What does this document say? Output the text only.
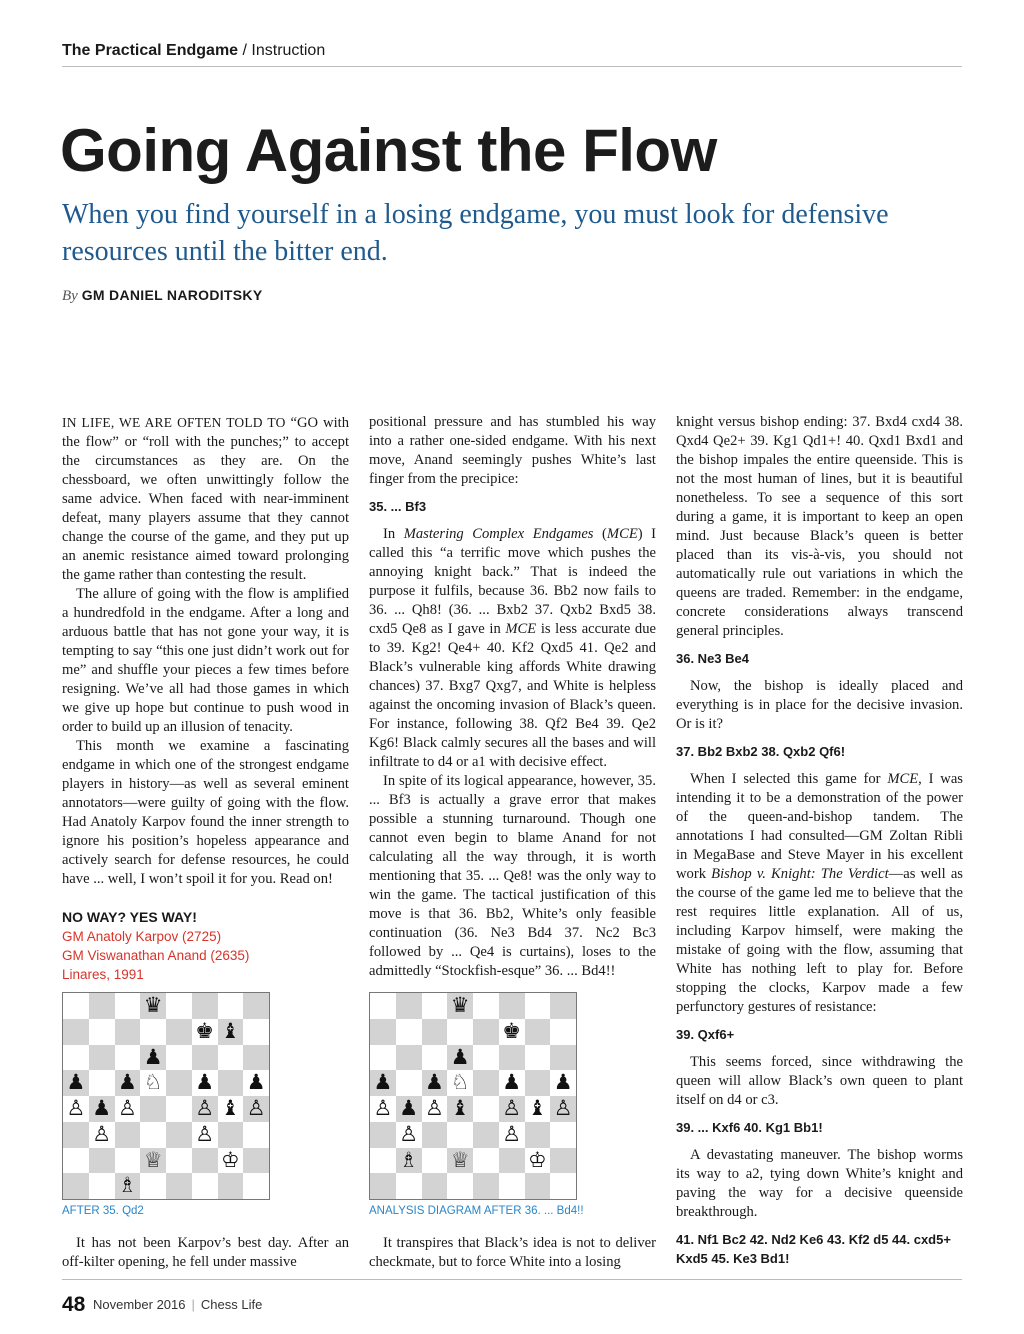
The Practical Endgame / Instruction
Going Against the Flow

When you find yourself in a losing endgame, you must look for defensive resources until the bitter end.

By GM DANIEL NARODITSKY

IN LIFE, WE ARE OFTEN TOLD TO “GO with the flow” or “roll with the punches;” to accept the circumstances as they are. On the chessboard, we often unwittingly follow the same advice. When faced with near-imminent defeat, many players assume that they cannot change the course of the game, and they put up an anemic resistance aimed toward prolonging the game rather than contesting the result.

The allure of going with the flow is amplified a hundredfold in the endgame. After a long and arduous battle that has not gone your way, it is tempting to say “this one just didn’t work out for me” and shuffle your pieces a few times before resigning. We’ve all had those games in which we give up hope but continue to push wood in order to build up an illusion of tenacity.

This month we examine a fascinating endgame in which one of the strongest endgame players in history—as well as several eminent annotators—were guilty of going with the flow. Had Anatoly Karpov found the inner strength to ignore his position’s hopeless appearance and actively search for defense resources, he could have ... well, I won’t spoil it for you. Read on!

NO WAY? YES WAY!
GM Anatoly Karpov (2725)
GM Viswanathan Anand (2635)
Linares, 1991
♛
♚ ♝
♟
♟ ♟ ♘ ♟ ♟
♙ ♟ ♙	♙ ♝ ♙
♙	♙
♕	♔
♗
AFTER 35. Qd2

It has not been Karpov’s best day. After an off-kilter opening, he fell under massive

positional pressure and has stumbled his way into a rather one-sided endgame. With his next move, Anand seemingly pushes White’s last finger from the precipice:

35. ... Bf3

In Mastering Complex Endgames (MCE) I called this “a terrific move which pushes the annoying knight back.” That is indeed the purpose it fulfils, because 36. Bb2 now fails to 36. ... Qh8! (36. ... Bxb2 37. Qxb2 Bxd5 38. cxd5 Qe8 as I gave in MCE is less accurate due to 39. Kg2! Qe4+ 40. Kf2 Qxd5 41. Qe2 and Black’s vulnerable king affords White drawing chances) 37. Bxg7 Qxg7, and White is helpless against the oncoming invasion of Black’s queen. For instance, following 38. Qf2 Be4 39. Qe2 Kg6! Black calmly secures all the bases and will infiltrate to d4 or a1 with decisive effect.

In spite of its logical appearance, however, 35. ... Bf3 is actually a grave error that makes possible a stunning turnaround. Though one cannot even begin to blame Anand for not calculating all the way through, it is worth mentioning that 35. ... Qe8! was the only way to win the game. The tactical justification of this move is that 36. Bb2, White’s only feasible continuation (36. Ne3 Bd4 37. Nc2 Bc3 followed by ... Qe4 is curtains), loses to the admittedly “Stockfish-esque” 36. ... Bd4!!

♛
♚
♟
♟ ♟ ♘ ♟ ♟
♙ ♟ ♙ ♝ ♙ ♝ ♙
♙	♙
♗ ♕	♔
ANALYSIS DIAGRAM AFTER 36. ... Bd4!!

It transpires that Black’s idea is not to deliver checkmate, but to force White into a losing

knight versus bishop ending: 37. Bxd4 cxd4 38. Qxd4 Qe2+ 39. Kg1 Qd1+! 40. Qxd1 Bxd1 and the bishop impales the entire queenside. This is not the most human of lines, but it is beautiful nonetheless. To see a sequence of this sort during a game, it is important to keep an open mind. Just because Black’s queen is better placed than its vis-à-vis, you should not automatically rule out variations in which the queens are traded. Remember: in the endgame, concrete considerations always transcend general principles.

36. Ne3 Be4

Now, the bishop is ideally placed and everything is in place for the decisive invasion. Or is it?

37. Bb2 Bxb2 38. Qxb2 Qf6!

When I selected this game for MCE, I was intending it to be a demonstration of the power of the queen-and-bishop tandem. The annotations I had consulted—GM Zoltan Ribli in MegaBase and Steve Mayer in his excellent work Bishop v. Knight: The Verdict—as well as the course of the game led me to believe that the rest requires little explanation. All of us, including Karpov himself, were making the mistake of going with the flow, assuming that White has nothing left to play for. Before stopping the clocks, Karpov made a few perfunctory gestures of resistance:

39. Qxf6+

This seems forced, since withdrawing the queen will allow Black’s own queen to plant itself on d4 or c3.

39. ... Kxf6 40. Kg1 Bb1!

A devastating maneuver. The bishop worms its way to a2, tying down White’s knight and paving the way for a decisive queenside breakthrough.

41. Nf1 Bc2 42. Nd2 Ke6 43. Kf2 d5 44. cxd5+ Kxd5 45. Ke3 Bd1!
48 November 2016 | Chess Life
